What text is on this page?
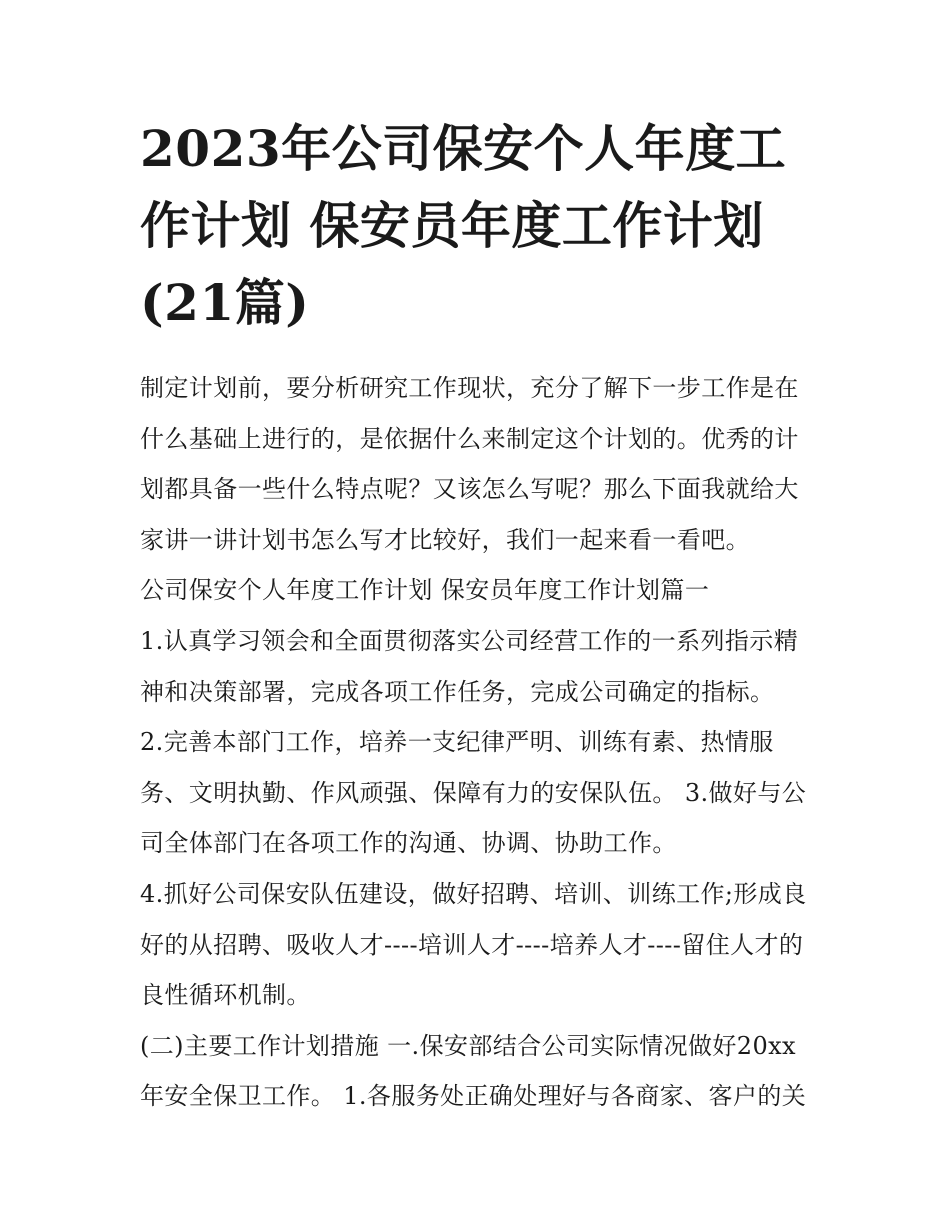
2023年公司保安个人年度工作计划 保安员年度工作计划(21篇)

制定计划前，要分析研究工作现状，充分了解下一步工作是在什么基础上进行的，是依据什么来制定这个计划的。优秀的计划都具备一些什么特点呢？又该怎么写呢？那么下面我就给大家讲一讲计划书怎么写才比较好，我们一起来看一看吧。

公司保安个人年度工作计划 保安员年度工作计划篇一

1.认真学习领会和全面贯彻落实公司经营工作的一系列指示精神和决策部署，完成各项工作任务，完成公司确定的指标。

2.完善本部门工作，培养一支纪律严明、训练有素、热情服务、文明执勤、作风顽强、保障有力的安保队伍。 3.做好与公司全体部门在各项工作的沟通、协调、协助工作。

4.抓好公司保安队伍建设，做好招聘、培训、训练工作;形成良好的从招聘、吸收人才----培训人才----培养人才----留住人才的良性循环机制。

(二)主要工作计划措施 一.保安部结合公司实际情况做好20xx年安全保卫工作。 1.各服务处正确处理好与各商家、客户的关
